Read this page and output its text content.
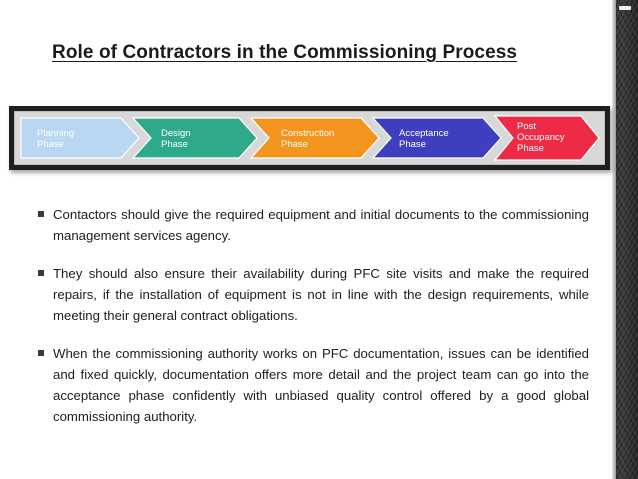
Role of Contractors in the Commissioning Process
Planning
Phase
Design
Phase
Construction
Phase
Acceptance
Phase
Post
Occupancy
Phase
Contactors should give the required equipment and initial documents to the commissioning management services agency.
They should also ensure their availability during PFC site visits and make the required repairs, if the installation of equipment is not in line with the design requirements, while meeting their general contract obligations.
When the commissioning authority works on PFC documentation, issues can be identified and fixed quickly, documentation offers more detail and the project team can go into the acceptance phase confidently with unbiased quality control offered by a good global commissioning authority.
